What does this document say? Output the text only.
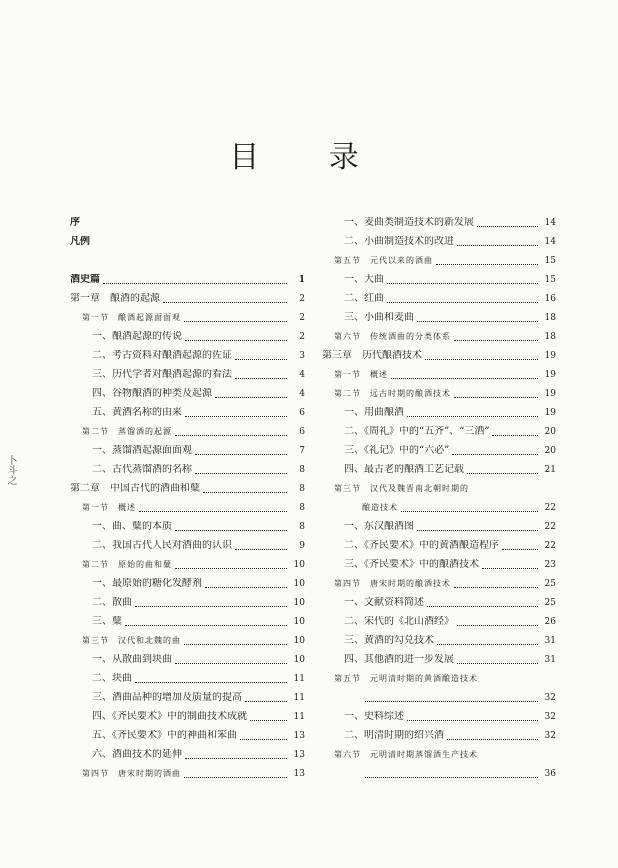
目 录
卜斗之
序
凡例
酒史篇	1
第一章　酿酒的起源	2
第一节　酿酒起源面面观	2
一、酿酒起源的传说	2
二、考古资料对酿酒起源的佐证	3
三、历代学者对酿酒起源的看法	4
四、谷物酿酒的种类及起源	4
五、黄酒名称的由来	6
第二节　蒸馏酒的起源	6
一、蒸馏酒起源面面观	7
二、古代蒸馏酒的名称	8
第二章　中国古代的酒曲和糵	8
第一节　概述	8
一、曲、糵的本质	8
二、我国古代人民对酒曲的认识	9
第二节　原始的曲和糵	10
一、最原始的糖化发酵剂	10
二、散曲	10
三、糵	10
第三节　汉代和北魏的曲	10
一、从散曲到块曲	10
二、块曲	11
三、酒曲品种的增加及质量的提高	11
四、《齐民要术》中的制曲技术成就	11
五、《齐民要术》中的神曲和笨曲	13
六、酒曲技术的延伸	13
第四节　唐宋时期的酒曲	13
一、麦曲类制造技术的新发展	14
二、小曲制造技术的改进	14
第五节　元代以来的酒曲	15
一、大曲	15
二、红曲	16
三、小曲和麦曲	18
第六节　传统酒曲的分类体系	18
第三章　历代酿酒技术	19
第一节　概述	19
第二节　远古时期的酿酒技术	19
一、用曲酿酒	19
二、《周礼》中的“五齐”、“三酒”	20
三、《礼记》中的“六必”	20
四、最古老的酿酒工艺记载	21
第三节　汉代及魏晋南北朝时期的
酿造技术	22
一、东汉酿酒图	22
二、《齐民要术》中的黄酒酿造程序	22
三、《齐民要术》中的酿酒技术	23
第四节　唐宋时期的酿酒技术	25
一、文献资料简述	25
二、宋代的《北山酒经》	26
三、黄酒的勾兑技术	31
四、其他酒的进一步发展	31
第五节　元明清时期的黄酒酿造技术
32
一、史料综述	32
二、明清时期的绍兴酒	32
第六节　元明清时期蒸馏酒生产技术
36
